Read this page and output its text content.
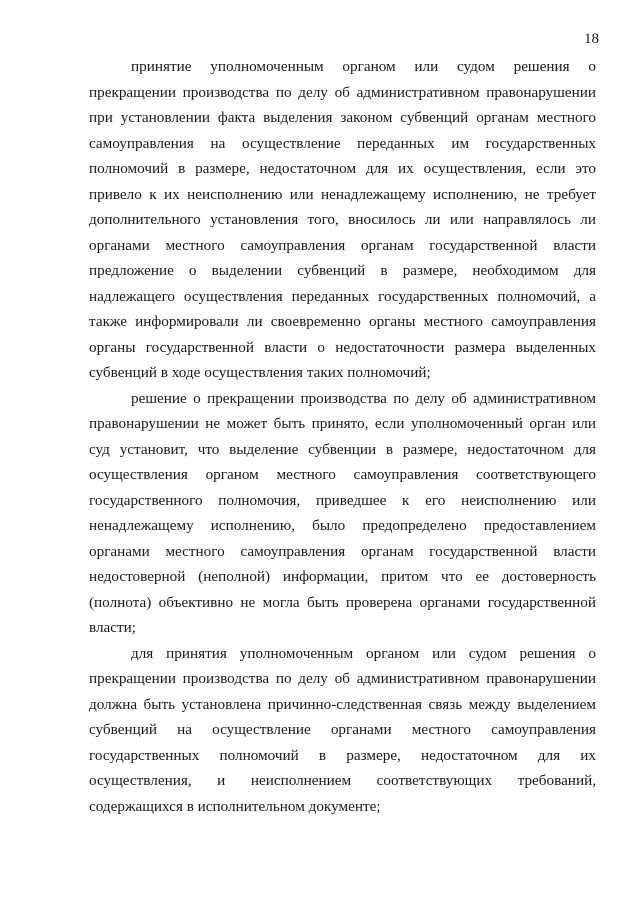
18

принятие уполномоченным органом или судом решения о прекращении производства по делу об административном правонарушении при установлении факта выделения законом субвенций органам местного самоуправления на осуществление переданных им государственных полномочий в размере, недостаточном для их осуществления, если это привело к их неисполнению или ненадлежащему исполнению, не требует дополнительного установления того, вносилось ли или направлялось ли органами местного самоуправления органам государственной власти предложение о выделении субвенций в размере, необходимом для надлежащего осуществления переданных государственных полномочий, а также информировали ли своевременно органы местного самоуправления органы государственной власти о недостаточности размера выделенных субвенций в ходе осуществления таких полномочий;

решение о прекращении производства по делу об административном правонарушении не может быть принято, если уполномоченный орган или суд установит, что выделение субвенции в размере, недостаточном для осуществления органом местного самоуправления соответствующего государственного полномочия, приведшее к его неисполнению или ненадлежащему исполнению, было предопределено предоставлением органами местного самоуправления органам государственной власти недостоверной (неполной) информации, притом что ее достоверность (полнота) объективно не могла быть проверена органами государственной власти;

для принятия уполномоченным органом или судом решения о прекращении производства по делу об административном правонарушении должна быть установлена причинно-следственная связь между выделением субвенций на осуществление органами местного самоуправления государственных полномочий в размере, недостаточном для их осуществления, и неисполнением соответствующих требований, содержащихся в исполнительном документе;
